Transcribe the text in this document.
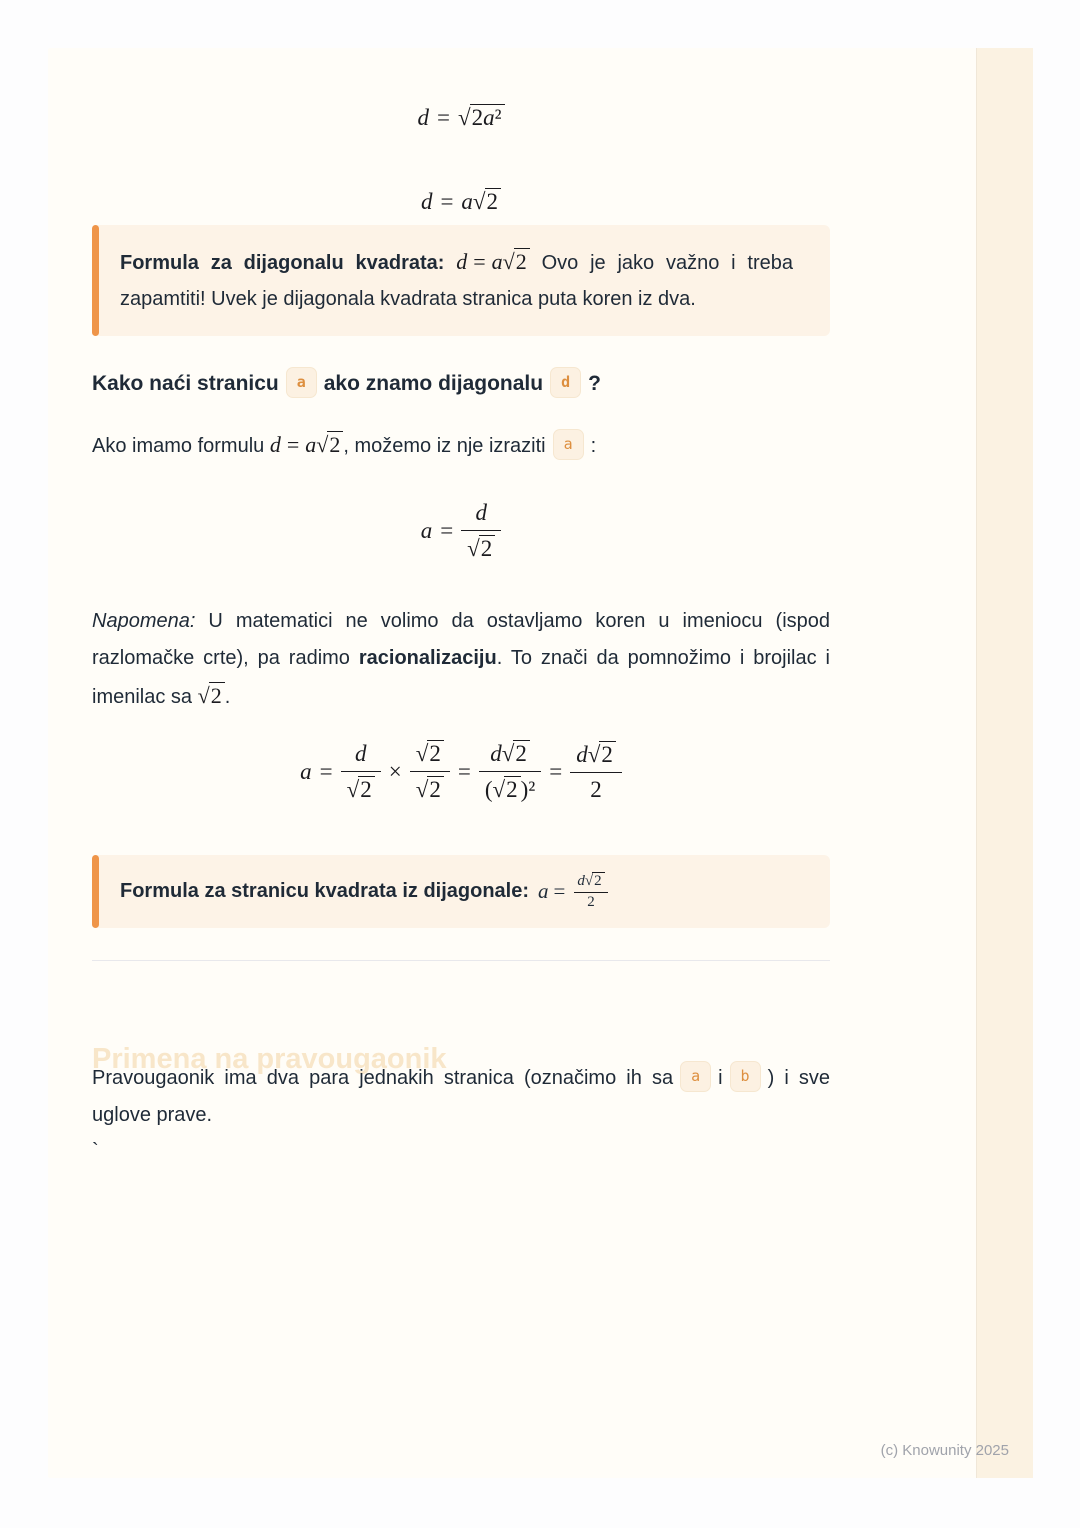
d = √2a²
d = a √2
Formula za dijagonalu kvadrata: d = a√2 Ovo je jako važno i treba
zapamtiti! Uvek je dijagonala kvadrata stranica puta koren iz dva.
Kako naći stranicu a ako znamo dijagonalu d ?
Ako imamo formulu d = a√2 , možemo iz nje izraziti a :
$a = \frac{d}{√2}$
Napomena: U matematici ne volimo da ostavljamo koren u imeniocu (ispod
razlomačke crte), pa radimo racionalizaciju. To znači da pomnožimo i brojilac i
imenilac sa √2 .
$a = \frac{d}{√2} \times \frac{√2}{√2} = \frac{d√2}{\text{(√2 )²}} = \frac{d√2}{2}$
Formula za stranicu kvadrata iz dijagonale: $a = \frac{d√2}{2}$
Primena na pravougaonik
Pravougaonik ima dva para jednakih stranica (označimo ih sa a i b ) i sve
uglove prave.
`
(c) Knowunity 2025
